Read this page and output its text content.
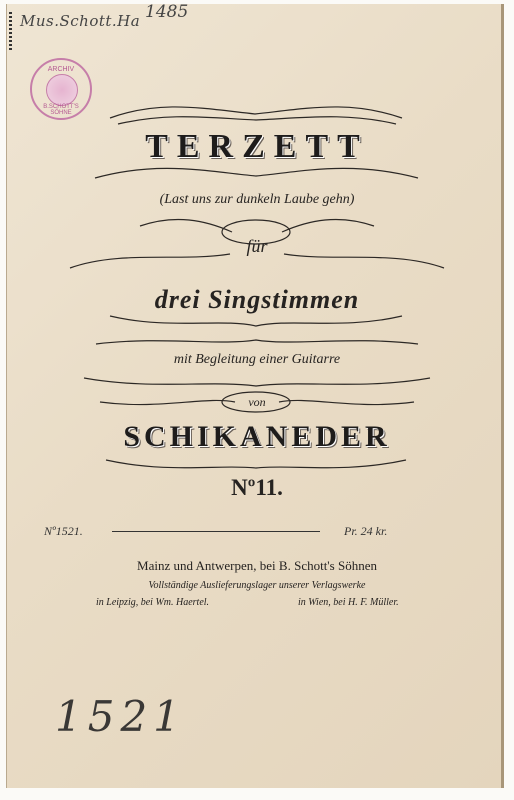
Mus.Schott.Ha 1485
ARCHIV
B.SCHOTT'S SÖHNE
TERZETT
(Last uns zur dunkeln Laube gehn)
für
drei Singstimmen
mit Begleitung einer Guitarre
von
SCHIKANEDER
Nº11.
Nº1521.	Pr. 24 kr.
Mainz und Antwerpen, bei B. Schott's Söhnen
Vollständige Auslieferungslager unserer Verlagswerke
in Leipzig, bei Wm. Haertel.	in Wien, bei H. F. Müller.
1521
